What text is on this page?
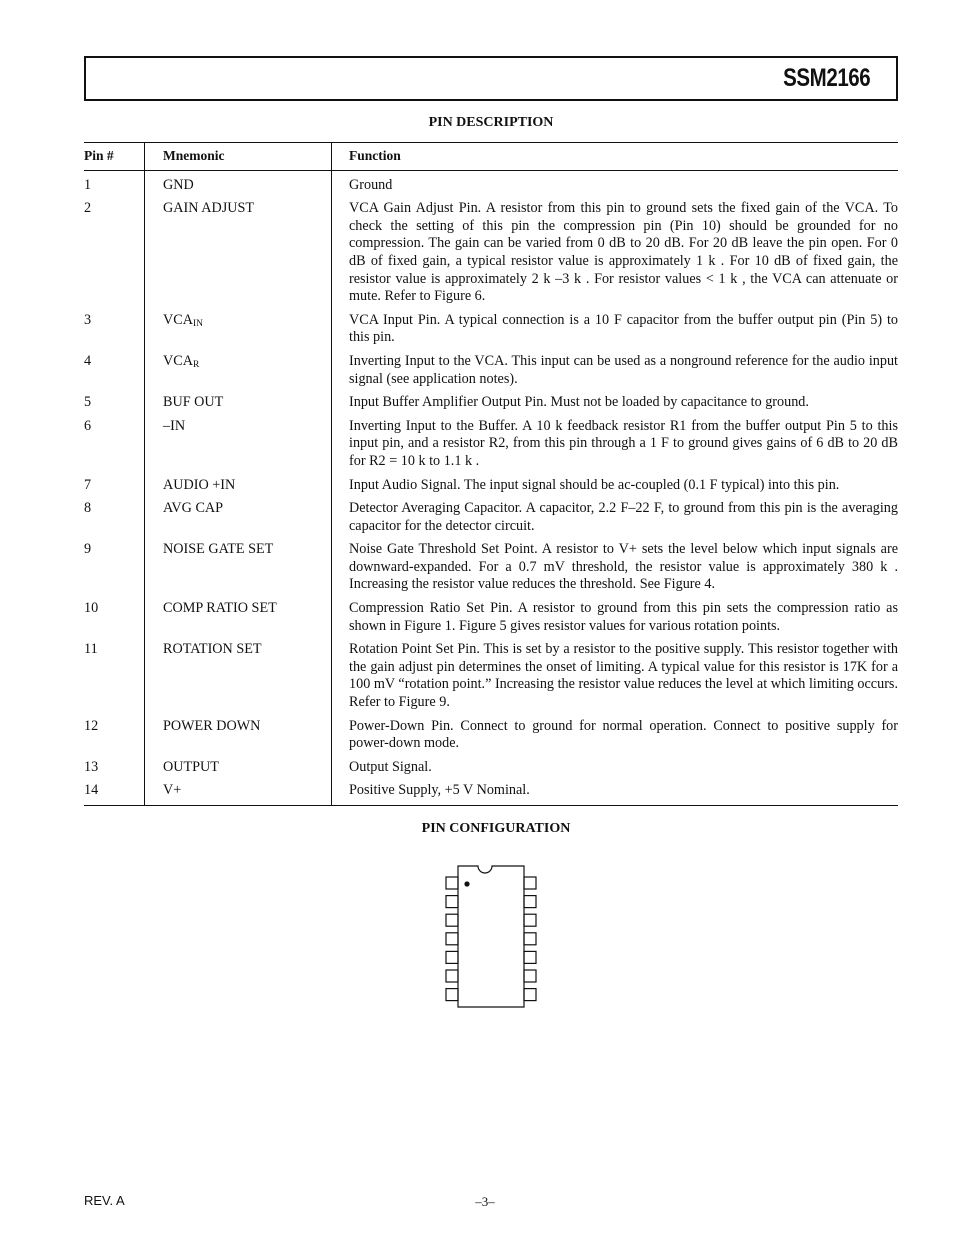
SSM2166
PIN DESCRIPTION
Pin #	Mnemonic	Function
1	GND	Ground
2	GAIN ADJUST	VCA Gain Adjust Pin. A resistor from this pin to ground sets the fixed gain of the VCA. To check the setting of this pin the compression pin (Pin 10) should be grounded for no compression. The gain can be varied from 0 dB to 20 dB. For 20 dB leave the pin open. For 0 dB of fixed gain, a typical resistor value is approximately 1 k . For 10 dB of fixed gain, the resistor value is approximately 2 k –3 k . For resistor values < 1 k , the VCA can attenuate or mute. Refer to Figure 6.
3	$VCA_{IN}$	VCA Input Pin. A typical connection is a 10 F capacitor from the buffer output pin (Pin 5) to this pin.
4	$VCA_R$	Inverting Input to the VCA. This input can be used as a nonground reference for the audio input signal (see application notes).
5	BUF OUT	Input Buffer Amplifier Output Pin. Must not be loaded by capacitance to ground.
6	–IN	Inverting Input to the Buffer. A 10 k feedback resistor R1 from the buffer output Pin 5 to this input pin, and a resistor R2, from this pin through a 1 F to ground gives gains of 6 dB to 20 dB for R2 = 10 k to 1.1 k .
7	AUDIO +IN	Input Audio Signal. The input signal should be ac-coupled (0.1 F typical) into this pin.
8	AVG CAP	Detector Averaging Capacitor. A capacitor, 2.2 F–22 F, to ground from this pin is the averaging capacitor for the detector circuit.
9	NOISE GATE SET	Noise Gate Threshold Set Point. A resistor to V+ sets the level below which input signals are downward-expanded. For a 0.7 mV threshold, the resistor value is approximately 380 k . Increasing the resistor value reduces the threshold. See Figure 4.
10	COMP RATIO SET	Compression Ratio Set Pin. A resistor to ground from this pin sets the compression ratio as shown in Figure 1. Figure 5 gives resistor values for various rotation points.
11	ROTATION SET	Rotation Point Set Pin. This is set by a resistor to the positive supply. This resistor together with the gain adjust pin determines the onset of limiting. A typical value for this resistor is 17K for a 100 mV “rotation point.” Increasing the resistor value reduces the level at which limiting occurs. Refer to Figure 9.
12	POWER DOWN	Power-Down Pin. Connect to ground for normal operation. Connect to positive supply for power-down mode.
13	OUTPUT	Output Signal.
14	V+	Positive Supply, +5 V Nominal.
PIN CONFIGURATION
REV. A	–3–
